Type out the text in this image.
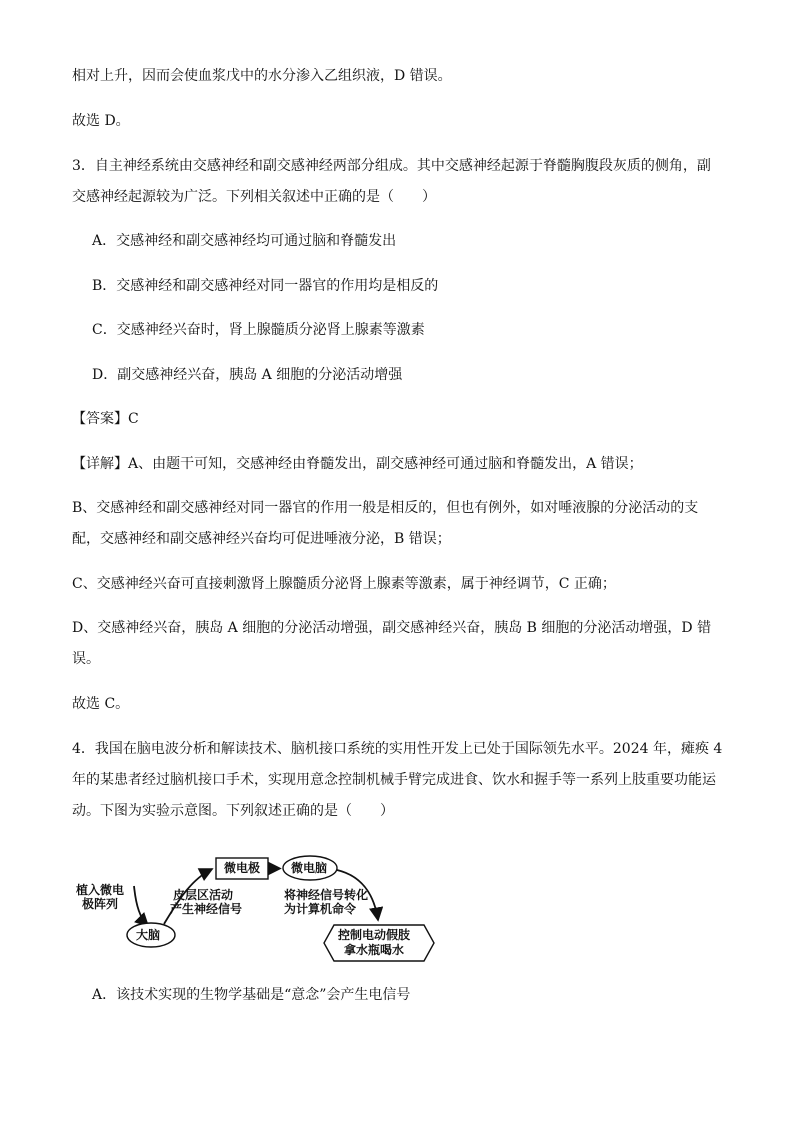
相对上升，因而会使血浆戊中的水分渗入乙组织液，D 错误。
故选 D。
3．自主神经系统由交感神经和副交感神经两部分组成。其中交感神经起源于脊髓胸腹段灰质的侧角，副
交感神经起源较为广泛。下列相关叙述中正确的是（　　）
A．交感神经和副交感神经均可通过脑和脊髓发出
B．交感神经和副交感神经对同一器官的作用均是相反的
C．交感神经兴奋时，肾上腺髓质分泌肾上腺素等激素
D．副交感神经兴奋，胰岛 A 细胞的分泌活动增强
【答案】C
【详解】A、由题干可知，交感神经由脊髓发出，副交感神经可通过脑和脊髓发出，A 错误；
B、交感神经和副交感神经对同一器官的作用一般是相反的，但也有例外，如对唾液腺的分泌活动的支
配，交感神经和副交感神经兴奋均可促进唾液分泌，B 错误；
C、交感神经兴奋可直接刺激肾上腺髓质分泌肾上腺素等激素，属于神经调节，C 正确；
D、交感神经兴奋，胰岛 A 细胞的分泌活动增强，副交感神经兴奋，胰岛 B 细胞的分泌活动增强，D 错
误。
故选 C。
4．我国在脑电波分析和解读技术、脑机接口系统的实用性开发上已处于国际领先水平。2024 年，瘫痪 4
年的某患者经过脑机接口手术，实现用意念控制机械手臂完成进食、饮水和握手等一系列上肢重要功能运
动。下图为实验示意图。下列叙述正确的是（　　）
植入微电
极阵列
大脑
皮层区活动
产生神经信号
微电极	微电脑
将神经信号转化
为计算机命令
控制电动假肢
拿水瓶喝水
A．该技术实现的生物学基础是“意念”会产生电信号
